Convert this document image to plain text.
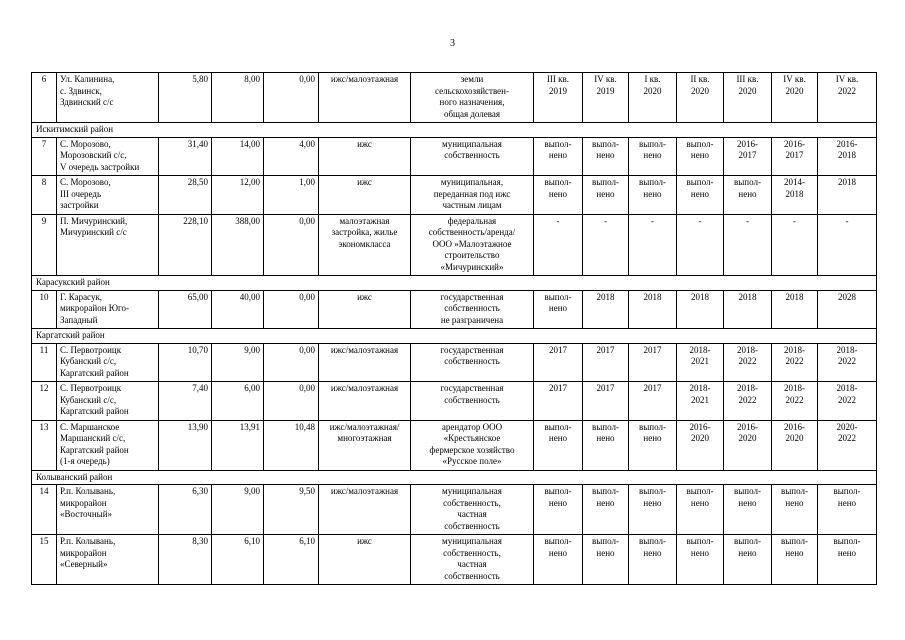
3
6	Ул. Калинина,
с. Здвинск,
Здвинский с/с	5,80	8,00	0,00	ижс/малоэтажная	земли
сельскохозяйствен-
ного назначения,
общая долевая	III кв.
2019	IV кв.
2019	I кв.
2020	II кв.
2020	III кв.
2020	IV кв.
2020	IV кв.
2022
Искитимский район													
7	С. Морозово,
Морозовский с/с,
V очередь застройки	31,40	14,00	4,00	ижс	муниципальная
собственность	выпол-
нено	выпол-
нено	выпол-
нено	выпол-
нено	2016-
2017	2016-
2017	2016-
2018
8	С. Морозово,
III очередь
застройки	28,50	12,00	1,00	ижс	муниципальная,
переданная под ижс
частным лицам	выпол-
нено	выпол-
нено	выпол-
нено	выпол-
нено	выпол-
нено	2014-
2018	2018
9	П. Мичуринский,
Мичуринский с/с	228,10	388,00	0,00	малоэтажная
застройка, жилье
экономкласса	федеральная
собственность/аренда/
ООО »Малоэтажное
строительство
«Мичуринский»	-	-	-	-	-	-	-
Карасукский район													
10	Г. Карасук,
микрорайон Юго-
Западный	65,00	40,00	0,00	ижс	государственная
собственность
не разграничена	выпол-
нено	2018	2018	2018	2018	2018	2028
Каргатский район													
11	С. Первотроицк
Кубанский с/с,
Каргатский район	10,70	9,00	0,00	ижс/малоэтажная	государственная
собственность	2017	2017	2017	2018-
2021	2018-
2022	2018-
2022	2018-
2022
12	С. Первотроицк
Кубанский с/с,
Каргатский район	7,40	6,00	0,00	ижс/малоэтажная	государственная
собственность	2017	2017	2017	2018-
2021	2018-
2022	2018-
2022	2018-
2022
13	С. Маршанское
Маршанский с/с,
Каргатский район
(1-я очередь)	13,90	13,91	10,48	ижс/малоэтажная/
многоэтажная	арендатор ООО
«Крестьянское
фермерское хозяйство
«Русское поле»	выпол-
нено	выпол-
нено	выпол-
нено	2016-
2020	2016-
2020	2016-
2020	2020-
2022
Колыванский район													
14	Р.п. Колывань,
микрорайон
«Восточный»	6,30	9,00	9,50	ижс/малоэтажная	муниципальная
собственность,
частная
собственность	выпол-
нено	выпол-
нено	выпол-
нено	выпол-
нено	выпол-
нено	выпол-
нено	выпол-
нено
15	Р.п. Колывань,
микрорайон
«Северный»	8,30	6,10	6,10	ижс	муниципальная
собственность,
частная
собственность	выпол-
нено	выпол-
нено	выпол-
нено	выпол-
нено	выпол-
нено	выпол-
нено	выпол-
нено
